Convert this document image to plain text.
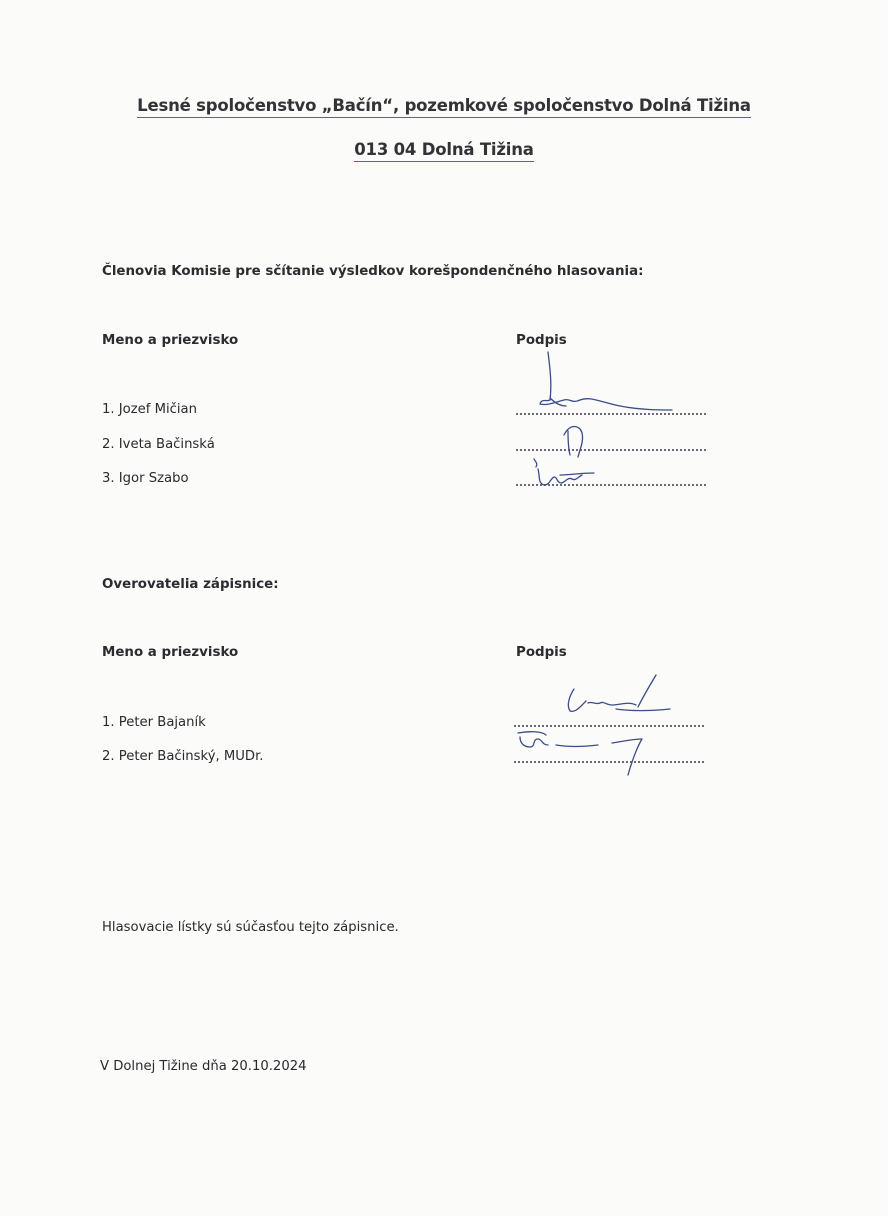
Lesné spoločenstvo „Bačín“, pozemkové spoločenstvo Dolná Tižina
013 04 Dolná Tižina
Členovia Komisie pre sčítanie výsledkov korešpondenčného hlasovania:
Meno a priezvisko	Podpis
1. Jozef Mičian
2. Iveta Bačinská
3. Igor Szabo
Overovatelia zápisnice:
Meno a priezvisko	Podpis
1. Peter Bajaník
2. Peter Bačinský, MUDr.
Hlasovacie lístky sú súčasťou tejto zápisnice.
V Dolnej Tižine dňa 20.10.2024
